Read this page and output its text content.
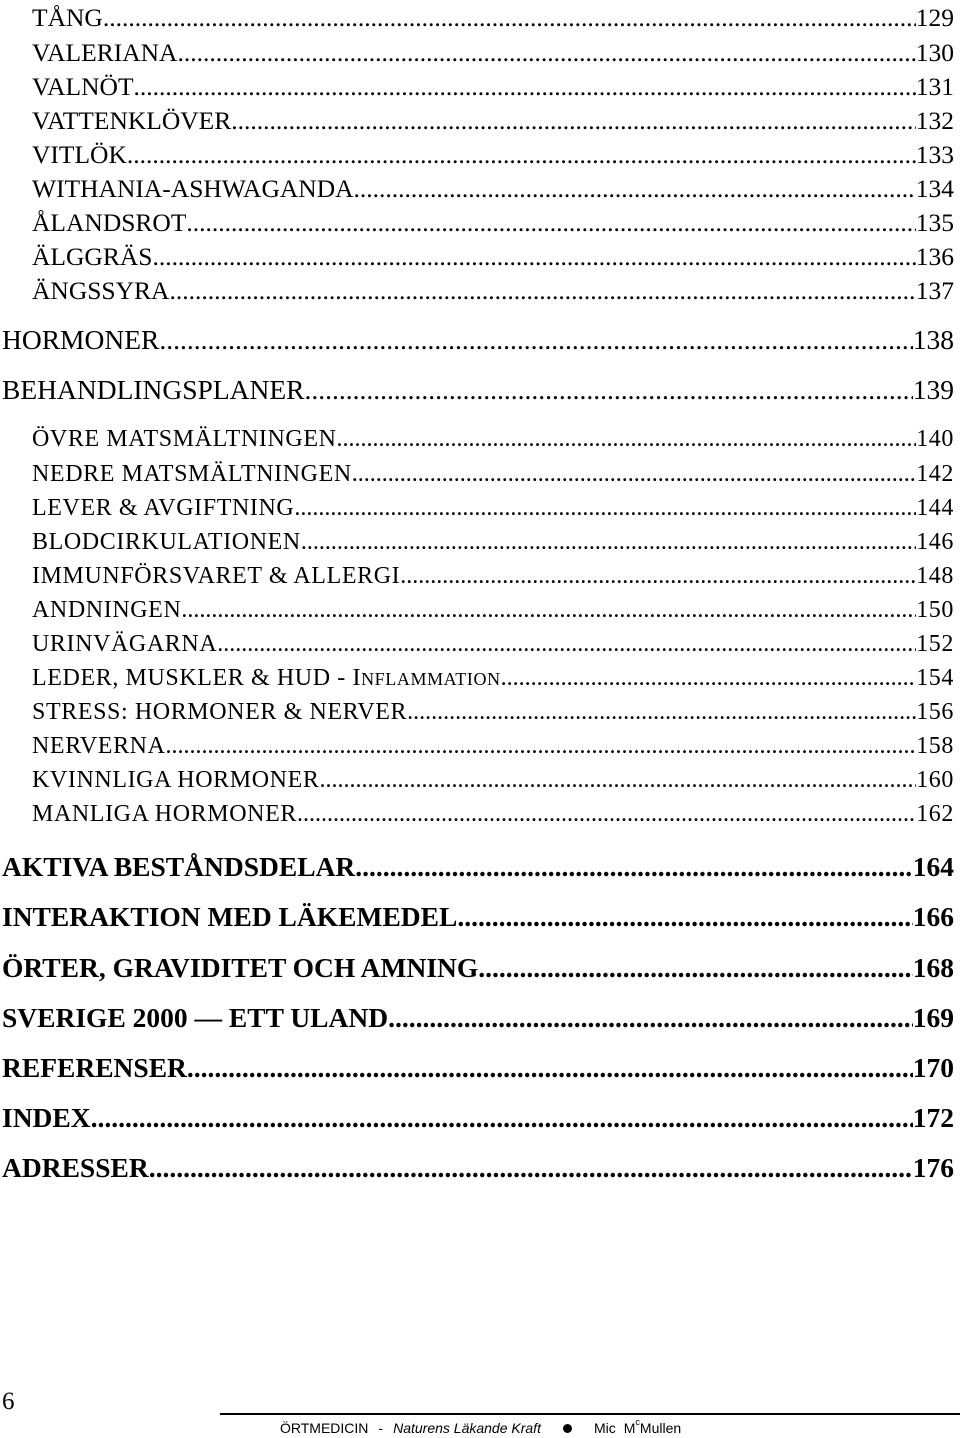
TÅNG .....	129
VALERIANA .....	130
VALNÖT .....	131
VATTENKLÖVER .....	132
VITLÖK .....	133
WITHANIA-ASHWAGANDA .....	134
ÅLANDSROT .....	135
ÄLGGRÄS .....	136
ÄNGSSYRA .....	137
HORMONER .....	138
BEHANDLINGSPLANER .....	139
ÖVRE MATSMÄLTNINGEN .....	140
NEDRE MATSMÄLTNINGEN .....	142
LEVER & AVGIFTNING .....	144
BLODCIRKULATIONEN .....	146
IMMUNFÖRSVARET & ALLERGI .....	148
ANDNINGEN .....	150
URINVÄGARNA .....	152
LEDER, MUSKLER & HUD - INFLAMMATION .....	154
STRESS: HORMONER & NERVER .....	156
NERVERNA .....	158
KVINNLIGA HORMONER .....	160
MANLIGA HORMONER .....	162
AKTIVA BESTÅNDSDELAR .....	164
INTERAKTION MED LÄKEMEDEL .....	166
ÖRTER, GRAVIDITET OCH AMNING .....	168
SVERIGE 2000 — ETT ULAND .....	169
REFERENSER .....	170
INDEX .....	172
ADRESSER .....	176
6
ÖRTMEDICIN - Naturens Läkande Kraft	Mic $M^c$ Mullen
